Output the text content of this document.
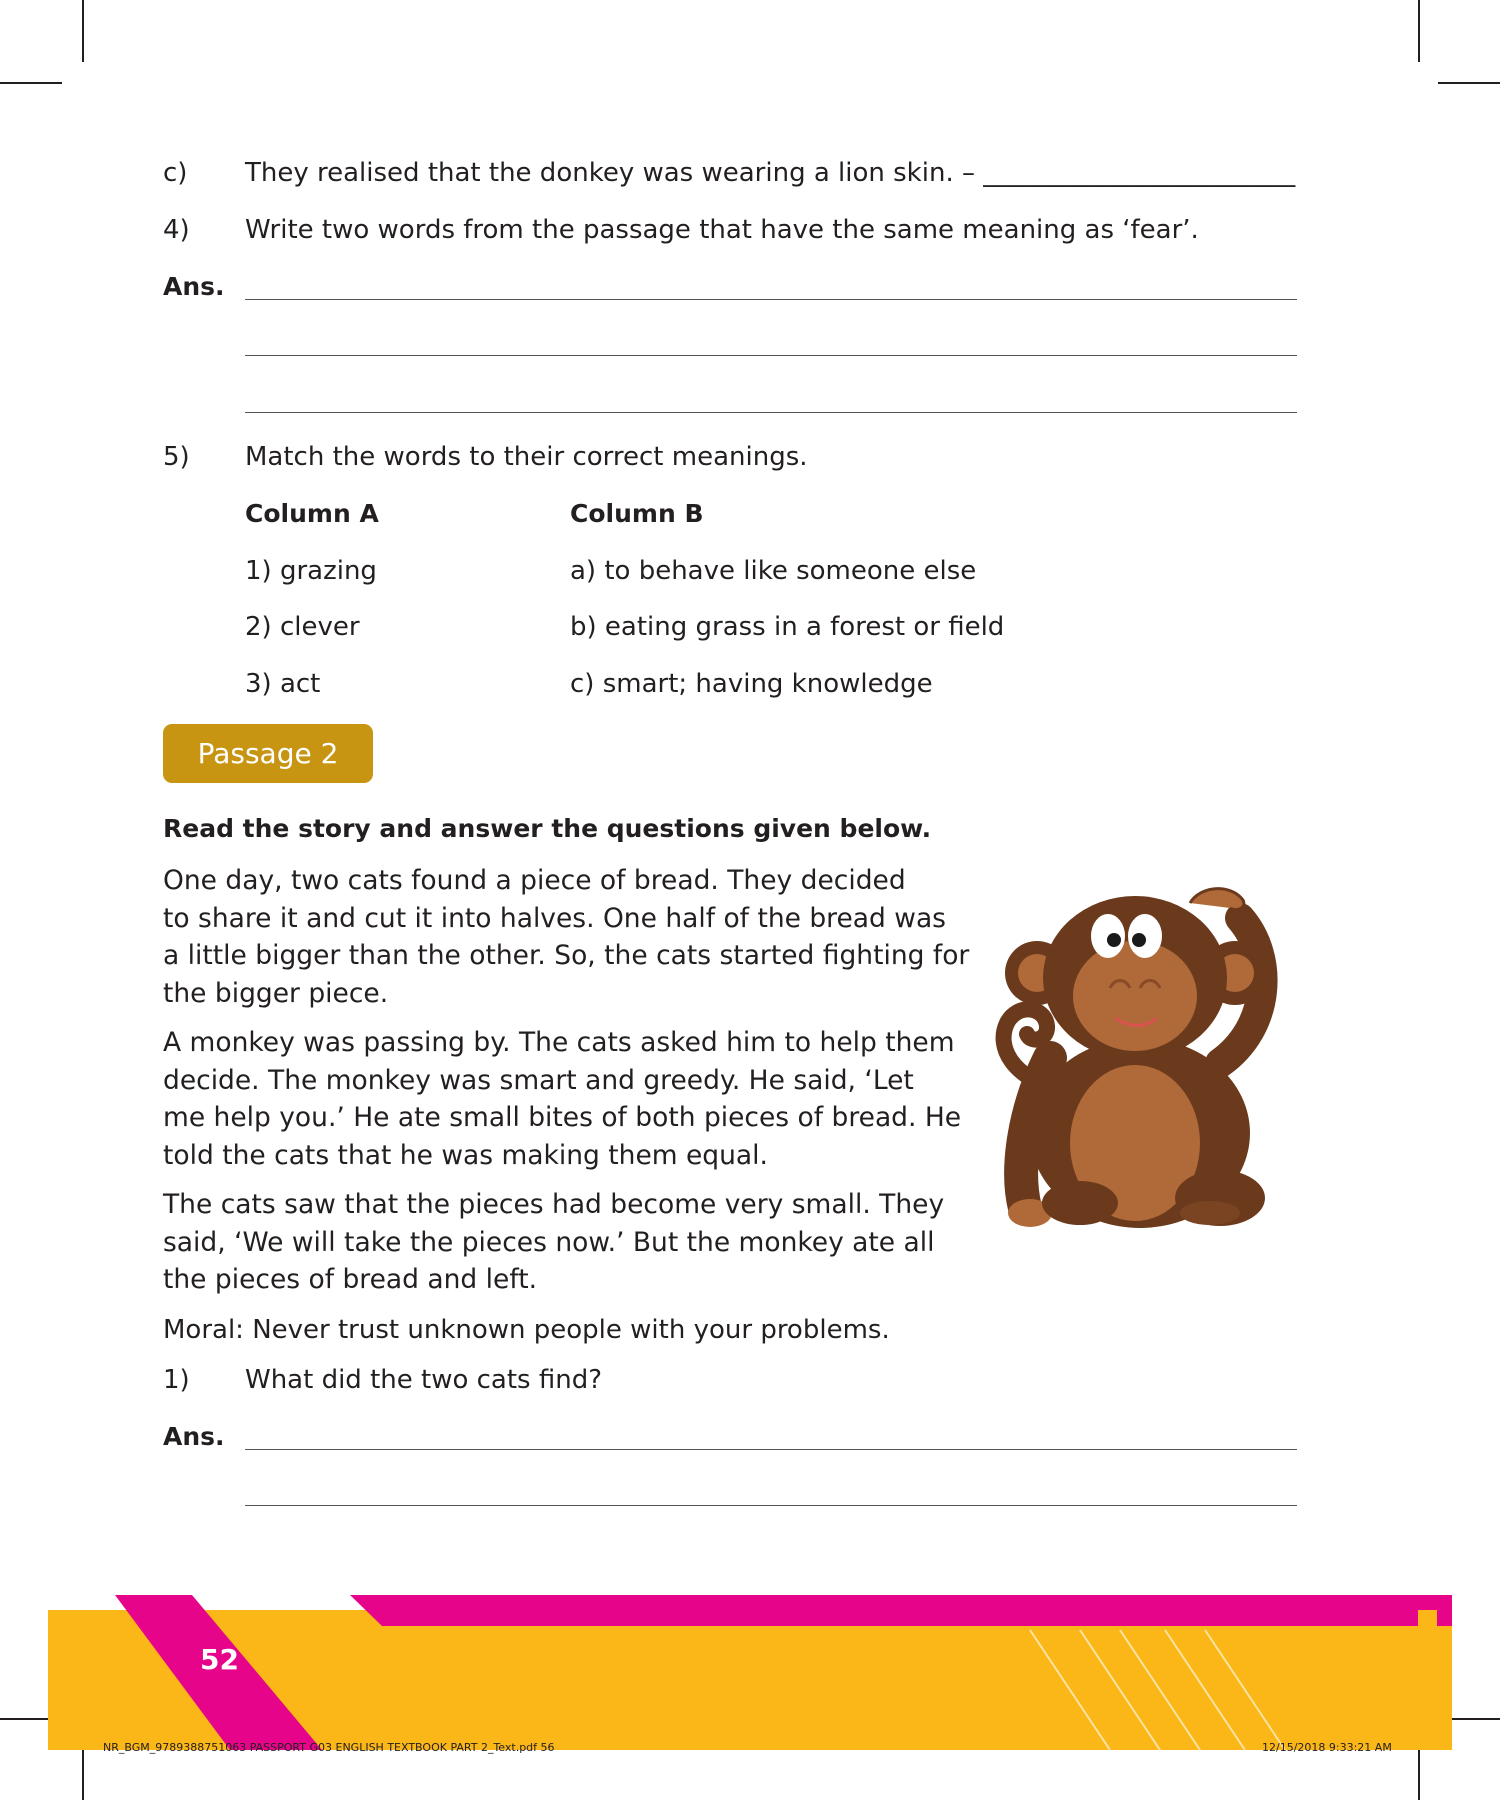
c) They realised that the donkey was wearing a lion skin. – ________________________
4) Write two words from the passage that have the same meaning as ‘fear’.
Ans.
5) Match the words to their correct meanings.
Column A	Column B
1) grazing
2) clever
3) act
a) to behave like someone else
b) eating grass in a forest or field
c) smart; having knowledge
Passage 2
Read the story and answer the questions given below.
One day, two cats found a piece of bread. They decided
to share it and cut it into halves. One half of the bread was
a little bigger than the other. So, the cats started fighting for
the bigger piece.
A monkey was passing by. The cats asked him to help them
decide. The monkey was smart and greedy. He said, ‘Let
me help you.’ He ate small bites of both pieces of bread. He
told the cats that he was making them equal.
The cats saw that the pieces had become very small. They
said, ‘We will take the pieces now.’ But the monkey ate all
the pieces of bread and left.
Moral: Never trust unknown people with your problems.
1) What did the two cats find?
Ans.
52
NR_BGM_9789388751063 PASSPORT G03 ENGLISH TEXTBOOK PART 2_Text.pdf 56	12/15/2018 9:33:21 AM
